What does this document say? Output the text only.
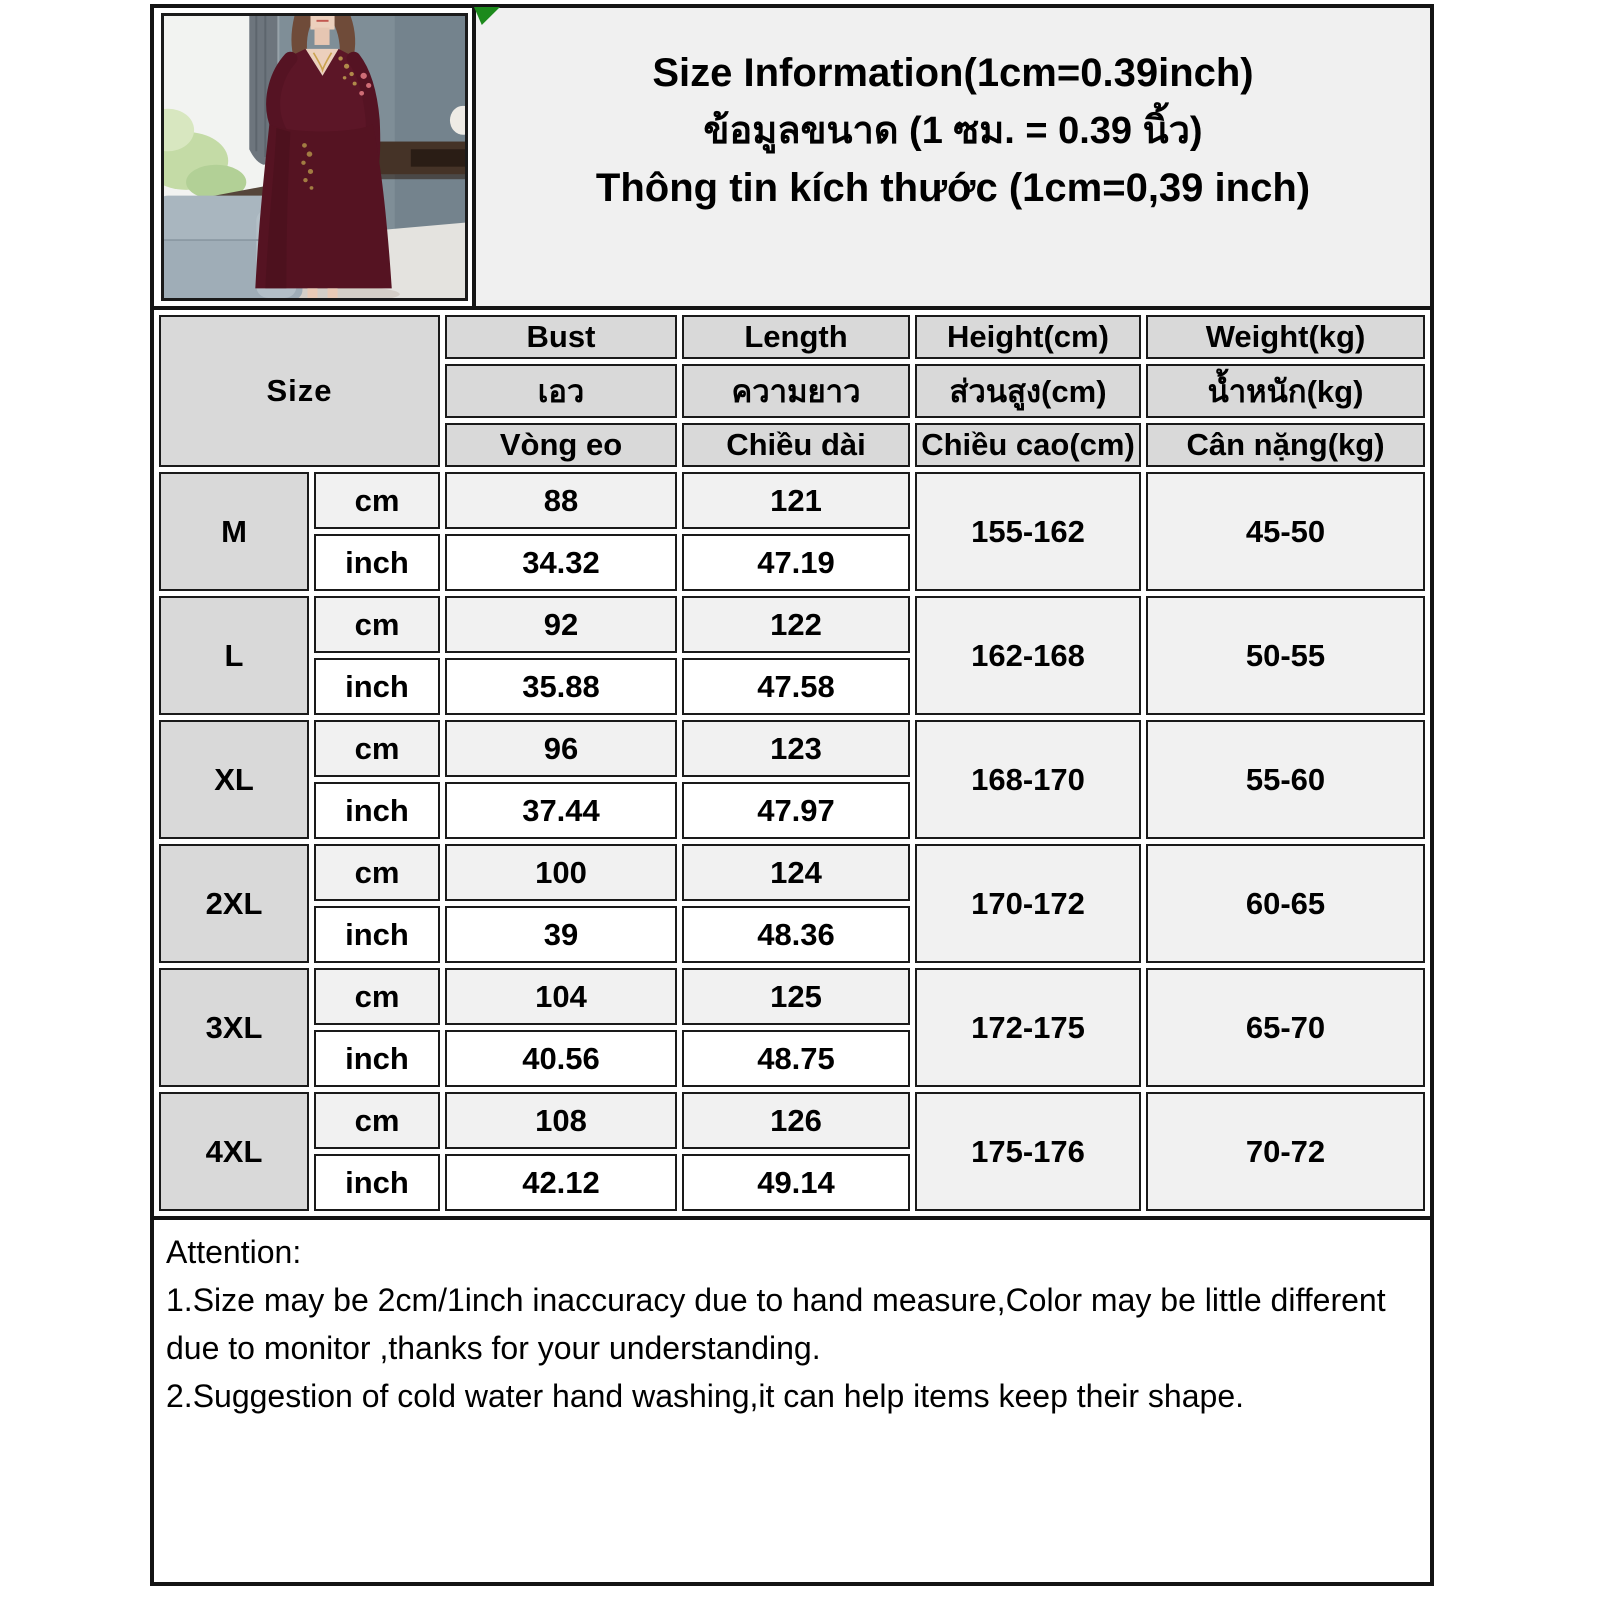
Size Information(1cm=0.39inch)
ข้อมูลขนาด (1 ซม. = 0.39 นิ้ว)
Thông tin kích thước (1cm=0,39 inch)
Size		Bust	Length	Height(cm)	Weight(kg)
		เอว	ความยาว	ส่วนสูง(cm)	น้ำหนัก(kg)
		Vòng eo	Chiều dài	Chiều cao(cm)	Cân nặng(kg)
M	cm	88	121	155-162	45-50
	inch	34.32	47.19		
L	cm	92	122	162-168	50-55
	inch	35.88	47.58		
XL	cm	96	123	168-170	55-60
	inch	37.44	47.97		
2XL	cm	100	124	170-172	60-65
	inch	39	48.36		
3XL	cm	104	125	172-175	65-70
	inch	40.56	48.75		
4XL	cm	108	126	175-176	70-72
	inch	42.12	49.14		
Attention:
1.Size may be 2cm/1inch inaccuracy due to hand measure,Color may be little different due to monitor ,thanks for your understanding.
2.Suggestion of cold water hand washing,it can help items keep their shape.
